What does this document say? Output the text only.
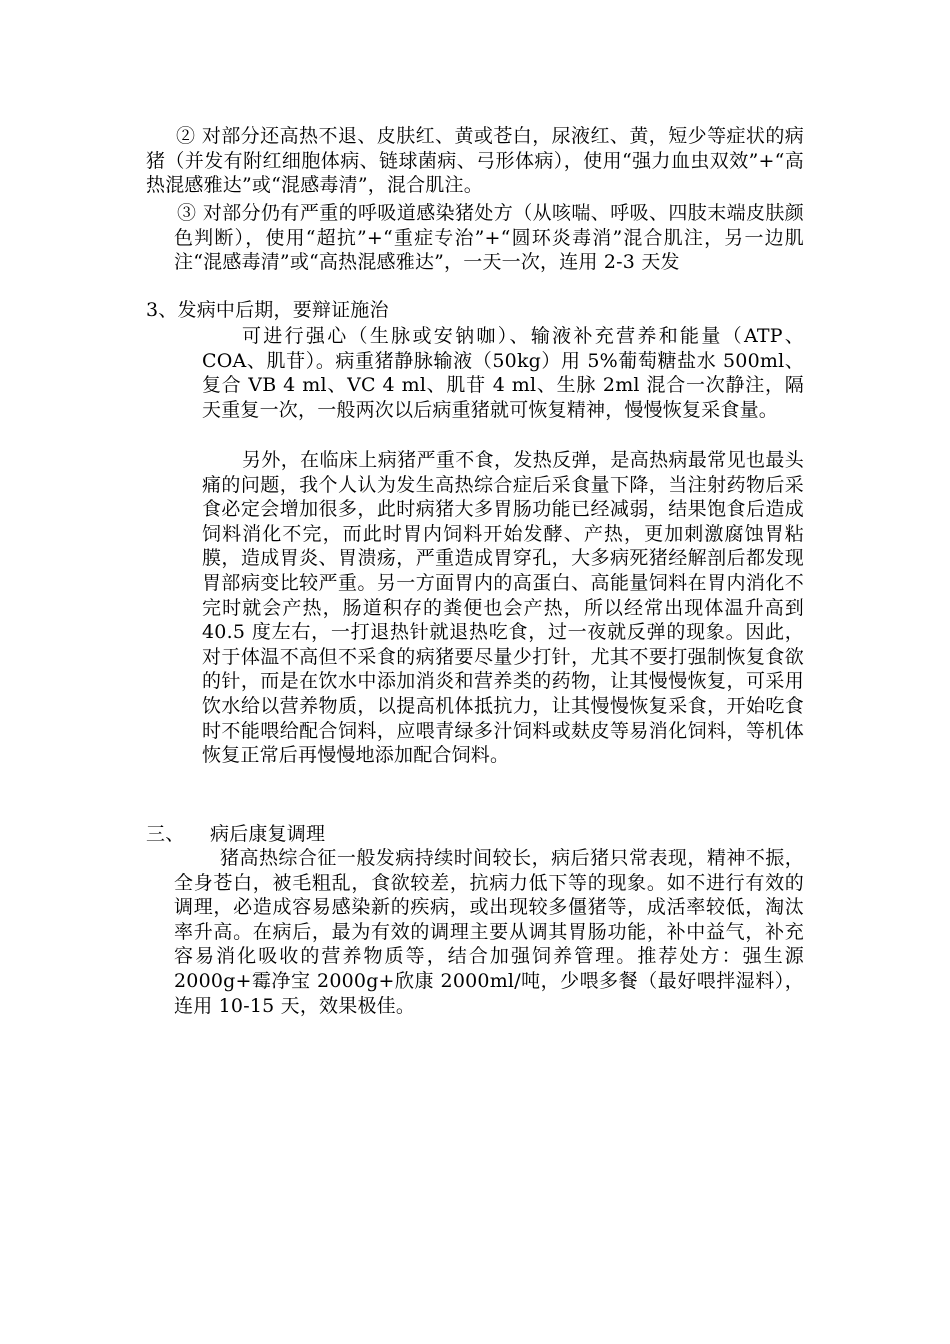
② 对部分还高热不退、皮肤红、黄或苍白，尿液红、黄，短少等症状的病猪（并发有附红细胞体病、链球菌病、弓形体病），使用“强力血虫双效”+“高热混感雅达”或“混感毒清”，混合肌注。

③ 对部分仍有严重的呼吸道感染猪处方（从咳喘、呼吸、四肢末端皮肤颜色判断），使用“超抗”+“重症专治”+“圆环炎毒消”混合肌注，另一边肌注“混感毒清”或“高热混感雅达”，一天一次，连用 2-3 天发

3、发病中后期，要辩证施治

可进行强心（生脉或安钠咖）、输液补充营养和能量（ATP、COA、肌苷）。病重猪静脉输液（50kg）用 5%葡萄糖盐水 500ml、复合 VB 4 ml、VC 4 ml、肌苷 4 ml、生脉 2ml 混合一次静注，隔天重复一次，一般两次以后病重猪就可恢复精神，慢慢恢复采食量。

另外，在临床上病猪严重不食，发热反弹，是高热病最常见也最头痛的问题，我个人认为发生高热综合症后采食量下降，当注射药物后采食必定会增加很多，此时病猪大多胃肠功能已经减弱，结果饱食后造成饲料消化不完，而此时胃内饲料开始发酵、产热，更加刺激腐蚀胃粘膜，造成胃炎、胃溃疡，严重造成胃穿孔，大多病死猪经解剖后都发现胃部病变比较严重。另一方面胃内的高蛋白、高能量饲料在胃内消化不完时就会产热，肠道积存的粪便也会产热，所以经常出现体温升高到 40.5 度左右，一打退热针就退热吃食，过一夜就反弹的现象。因此，对于体温不高但不采食的病猪要尽量少打针，尤其不要打强制恢复食欲的针，而是在饮水中添加消炎和营养类的药物，让其慢慢恢复，可采用饮水给以营养物质，以提高机体抵抗力，让其慢慢恢复采食，开始吃食时不能喂给配合饲料，应喂青绿多汁饲料或麸皮等易消化饲料，等机体恢复正常后再慢慢地添加配合饲料。

三、 病后康复调理

猪高热综合征一般发病持续时间较长，病后猪只常表现，精神不振，全身苍白，被毛粗乱，食欲较差，抗病力低下等的现象。如不进行有效的调理，必造成容易感染新的疾病，或出现较多僵猪等，成活率较低，淘汰率升高。在病后，最为有效的调理主要从调其胃肠功能，补中益气，补充容易消化吸收的营养物质等，结合加强饲养管理。推荐处方：强生源 2000g+霉净宝 2000g+欣康 2000ml/吨，少喂多餐（最好喂拌湿料），连用 10-15 天，效果极佳。
